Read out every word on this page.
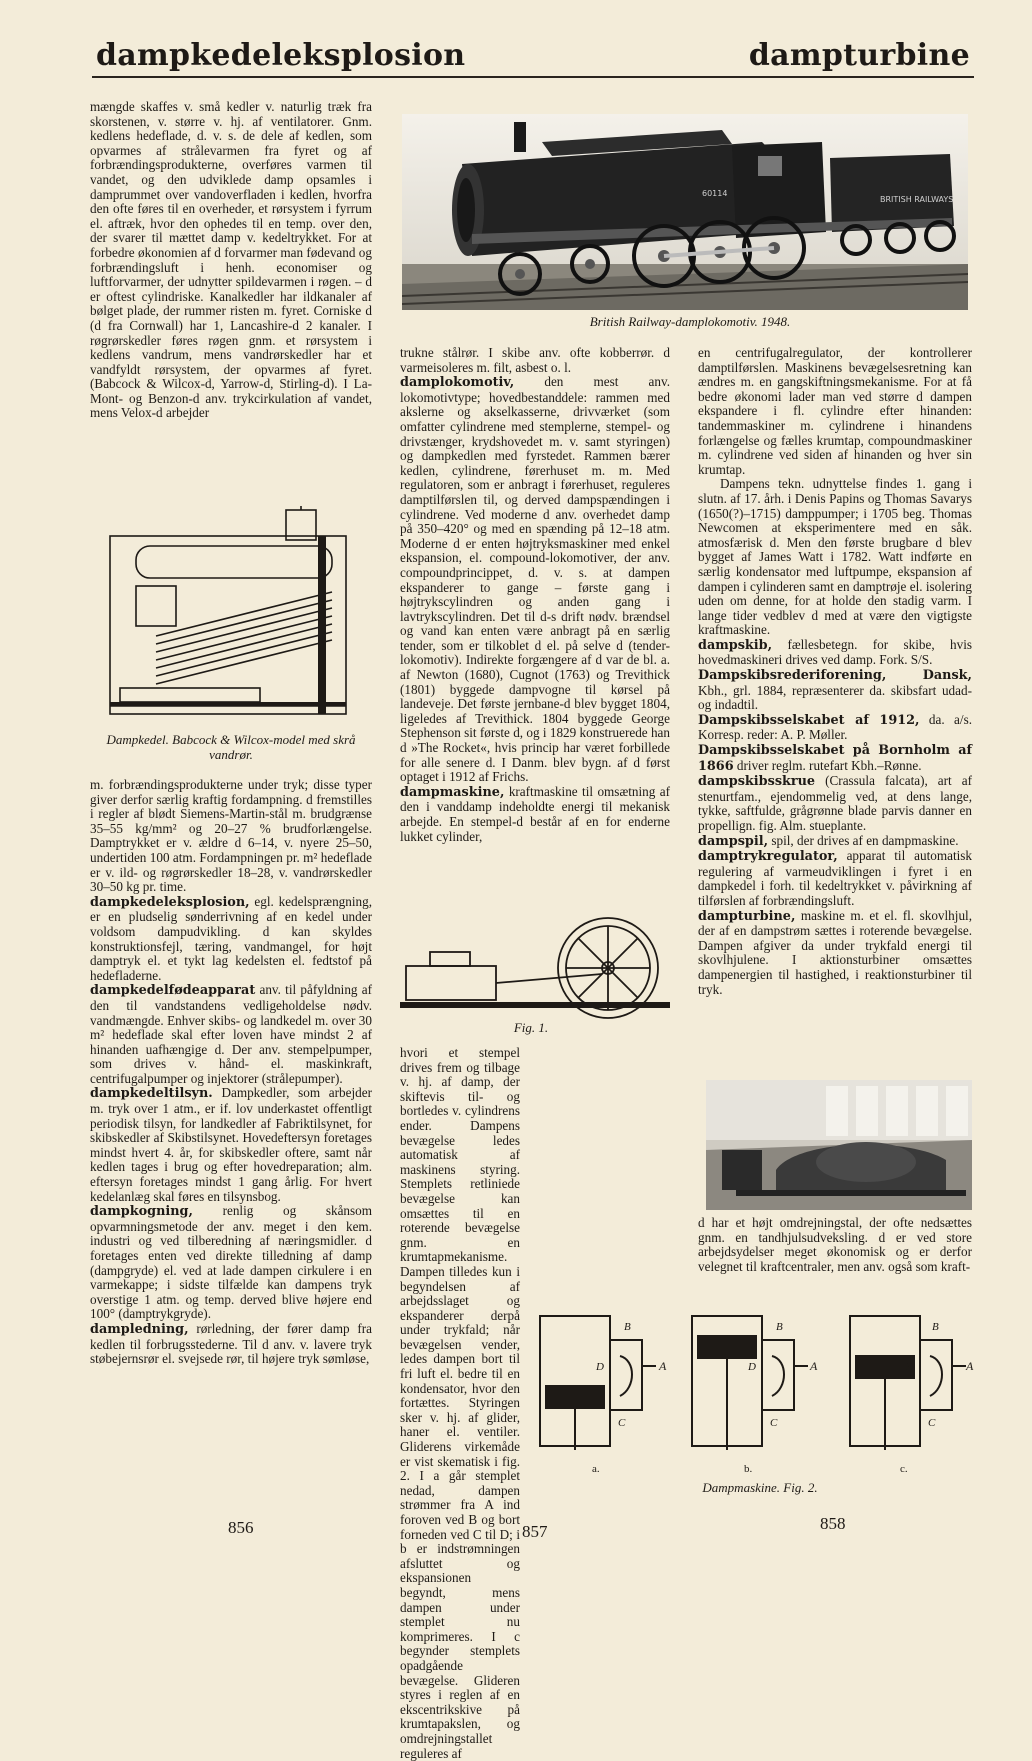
dampkedeleksplosion	dampturbine
BRITISH RAILWAYS
60114
British Railway-damplokomotiv. 1948.

mængde skaffes v. små kedler v. naturlig træk fra skorstenen, v. større v. hj. af ventilatorer. Gnm. kedlens hedeflade, d. v. s. de dele af kedlen, som opvarmes af strålevarmen fra fyret og af forbrændingsprodukterne, overføres varmen til vandet, og den udviklede damp opsamles i damprummet over vandoverfladen i kedlen, hvorfra den ofte føres til en overheder, et rørsystem i fyrrum el. aftræk, hvor den ophedes til en temp. over den, der svarer til mættet damp v. kedeltrykket. For at forbedre økonomien af d forvarmer man fødevand og forbrændingsluft i henh. economiser og luftforvarmer, der udnytter spildevarmen i røgen. – d er oftest cylindriske. Kanalkedler har ildkanaler af bølget plade, der rummer risten m. fyret. Corniske d (d fra Cornwall) har 1, Lancashire-d 2 kanaler. I røgrørskedler føres røgen gnm. et rørsystem i kedlens vandrum, mens vandrørskedler har et vandfyldt rørsystem, der opvarmes af fyret. (Babcock & Wilcox-d, Yarrow-d, Stirling-d). I La-Mont- og Benzon-d anv. trykcirkulation af vandet, mens Velox-d arbejder

Dampkedel. Babcock & Wilcox-model med skrå vandrør.

m. forbrændingsprodukterne under tryk; disse typer giver derfor særlig kraftig fordampning. d fremstilles i regler af blødt Siemens-Martin-stål m. brudgrænse 35–55 kg/mm² og 20–27 % brudforlængelse. Damptrykket er v. ældre d 6–14, v. nyere 25–50, undertiden 100 atm. Fordampningen pr. m² hedeflade er v. ild- og røgrørskedler 18–28, v. vandrørskedler 30–50 kg pr. time.

dampkedeleksplosion, egl. kedelsprængning, er en pludselig sønderrivning af en kedel under voldsom dampudvikling. d kan skyldes konstruktionsfejl, tæring, vandmangel, for højt damptryk el. et tykt lag kedelsten el. fedtstof på hedefladerne.

dampkedelfødeapparat anv. til påfyldning af den til vandstandens vedligeholdelse nødv. vandmængde. Enhver skibs- og landkedel m. over 30 m² hedeflade skal efter loven have mindst 2 af hinanden uafhængige d. Der anv. stempelpumper, som drives v. hånd- el. maskinkraft, centrifugalpumper og injektorer (strålepumper).

dampkedeltilsyn. Dampkedler, som arbejder m. tryk over 1 atm., er if. lov underkastet offentligt periodisk tilsyn, for landkedler af Fabriktilsynet, for skibskedler af Skibstilsynet. Hovedeftersyn foretages mindst hvert 4. år, for skibskedler oftere, samt når kedlen tages i brug og efter hovedreparation; alm. eftersyn foretages mindst 1 gang årlig. For hvert kedelanlæg skal føres en tilsynsbog.

dampkogning, renlig og skånsom opvarmningsmetode der anv. meget i den kem. industri og ved tilberedning af næringsmidler. d foretages enten ved direkte tilledning af damp (dampgryde) el. ved at lade dampen cirkulere i en varmekappe; i sidste tilfælde kan dampens tryk overstige 1 atm. og temp. derved blive højere end 100° (damptrykgryde).

dampledning, rørledning, der fører damp fra kedlen til forbrugsstederne. Til d anv. v. lavere tryk støbejernsrør el. svejsede rør, til højere tryk sømløse,

trukne stålrør. I skibe anv. ofte kobberrør. d varmeisoleres m. filt, asbest o. l.

damplokomotiv, den mest anv. lokomotivtype; hovedbestanddele: rammen med akslerne og akselkasserne, drivværket (som omfatter cylindrene med stemplerne, stempel- og drivstænger, krydshovedet m. v. samt styringen) og dampkedlen med fyrstedet. Rammen bærer kedlen, cylindrene, førerhuset m. m. Med regulatoren, som er anbragt i førerhuset, reguleres damptilførslen til, og derved dampspændingen i cylindrene. Ved moderne d anv. overhedet damp på 350–420° og med en spænding på 12–18 atm. Moderne d er enten højtryksmaskiner med enkel ekspansion, el. compound-lokomotiver, der anv. compoundprincippet, d. v. s. at dampen ekspanderer to gange – første gang i højtrykscylindren og anden gang i lavtrykscylindren. Det til d-s drift nødv. brændsel og vand kan enten være anbragt på en særlig tender, som er tilkoblet d el. på selve d (tender-lokomotiv). Indirekte forgængere af d var de bl. a. af Newton (1680), Cugnot (1763) og Trevithick (1801) byggede dampvogne til kørsel på landeveje. Det første jernbane-d blev bygget 1804, ligeledes af Trevithick. 1804 byggede George Stephenson sit første d, og i 1829 konstruerede han d »The Rocket«, hvis princip har været forbillede for alle senere d. I Danm. blev bygn. af d først optaget i 1912 af Frichs.

dampmaskine, kraftmaskine til omsætning af den i vanddamp indeholdte energi til mekanisk arbejde. En stempel-d består af en for enderne lukket cylinder,

Fig. 1.

hvori et stempel drives frem og tilbage v. hj. af damp, der skiftevis til- og bortledes v. cylindrens ender. Dampens bevægelse ledes automatisk af maskinens styring. Stemplets retliniede bevægelse kan omsættes til en roterende bevægelse gnm. en krumtapmekanisme. Dampen tilledes kun i begyndelsen af arbejdsslaget og ekspanderer derpå under trykfald; når bevægelsen vender, ledes dampen bort til fri luft el. bedre til en kondensator, hvor den fortættes. Styringen sker v. hj. af glider, haner el. ventiler. Gliderens virkemåde er vist skematisk i fig. 2. I a går stemplet nedad, dampen strømmer fra A ind foroven ved B og bort forneden ved C til D; i b er indstrømningen afsluttet og ekspansionen begyndt, mens dampen under stemplet nu komprimeres. I c begynder stemplets opadgående bevægelse. Glideren styres i reglen af en ekscentrikskive på krumtapakslen, og omdrejningstallet reguleres af

en centrifugalregulator, der kontrollerer damptilførslen. Maskinens bevægelsesretning kan ændres m. en gangskiftningsmekanisme. For at få bedre økonomi lader man ved større d dampen ekspandere i fl. cylindre efter hinanden: tandemmaskiner m. cylindrene i hinandens forlængelse og fælles krumtap, compoundmaskiner m. cylindrene ved siden af hinanden og hver sin krumtap.

Dampens tekn. udnyttelse findes 1. gang i slutn. af 17. årh. i Denis Papins og Thomas Savarys (1650(?)–1715) damppumper; i 1705 beg. Thomas Newcomen at eksperimentere med en såk. atmosfærisk d. Men den første brugbare d blev bygget af James Watt i 1782. Watt indførte en særlig kondensator med luftpumpe, ekspansion af dampen i cylinderen samt en damptrøje el. isolering uden om denne, for at holde den stadig varm. I lange tider vedblev d med at være den vigtigste kraftmaskine.

dampskib, fællesbetegn. for skibe, hvis hovedmaskineri drives ved damp. Fork. S/S.

Dampskibsrederiforening, Dansk, Kbh., grl. 1884, repræsenterer da. skibsfart udad- og indadtil.

Dampskibsselskabet af 1912, da. a/s. Korresp. reder: A. P. Møller.

Dampskibsselskabet på Bornholm af 1866 driver reglm. rutefart Kbh.–Rønne.

dampskibsskrue (Crassula falcata), art af stenurtfam., ejendommelig ved, at dens lange, tykke, saftfulde, grågrønne blade parvis danner en propellign. fig. Alm. stueplante.

dampspil, spil, der drives af en dampmaskine.

damptrykregulator, apparat til automatisk regulering af varmeudviklingen i fyret i en dampkedel i forh. til kedeltrykket v. påvirkning af tilførslen af forbrændingsluft.

dampturbine, maskine m. et el. fl. skovlhjul, der af en dampstrøm sættes i roterende bevægelse. Dampen afgiver da under trykfald energi til skovlhjulene. I aktionsturbiner omsættes dampenergien til hastighed, i reaktionsturbiner til tryk.

d har et højt omdrejningstal, der ofte nedsættes gnm. en tandhjulsudveksling. d er ved store arbejdsydelser meget økonomisk og er derfor velegnet til kraftcentraler, men anv. også som kraft-

A	A	A
B	B	B
C	C	C
D	D	D
a.	b.	c.
Dampmaskine. Fig. 2.
856	857	858
